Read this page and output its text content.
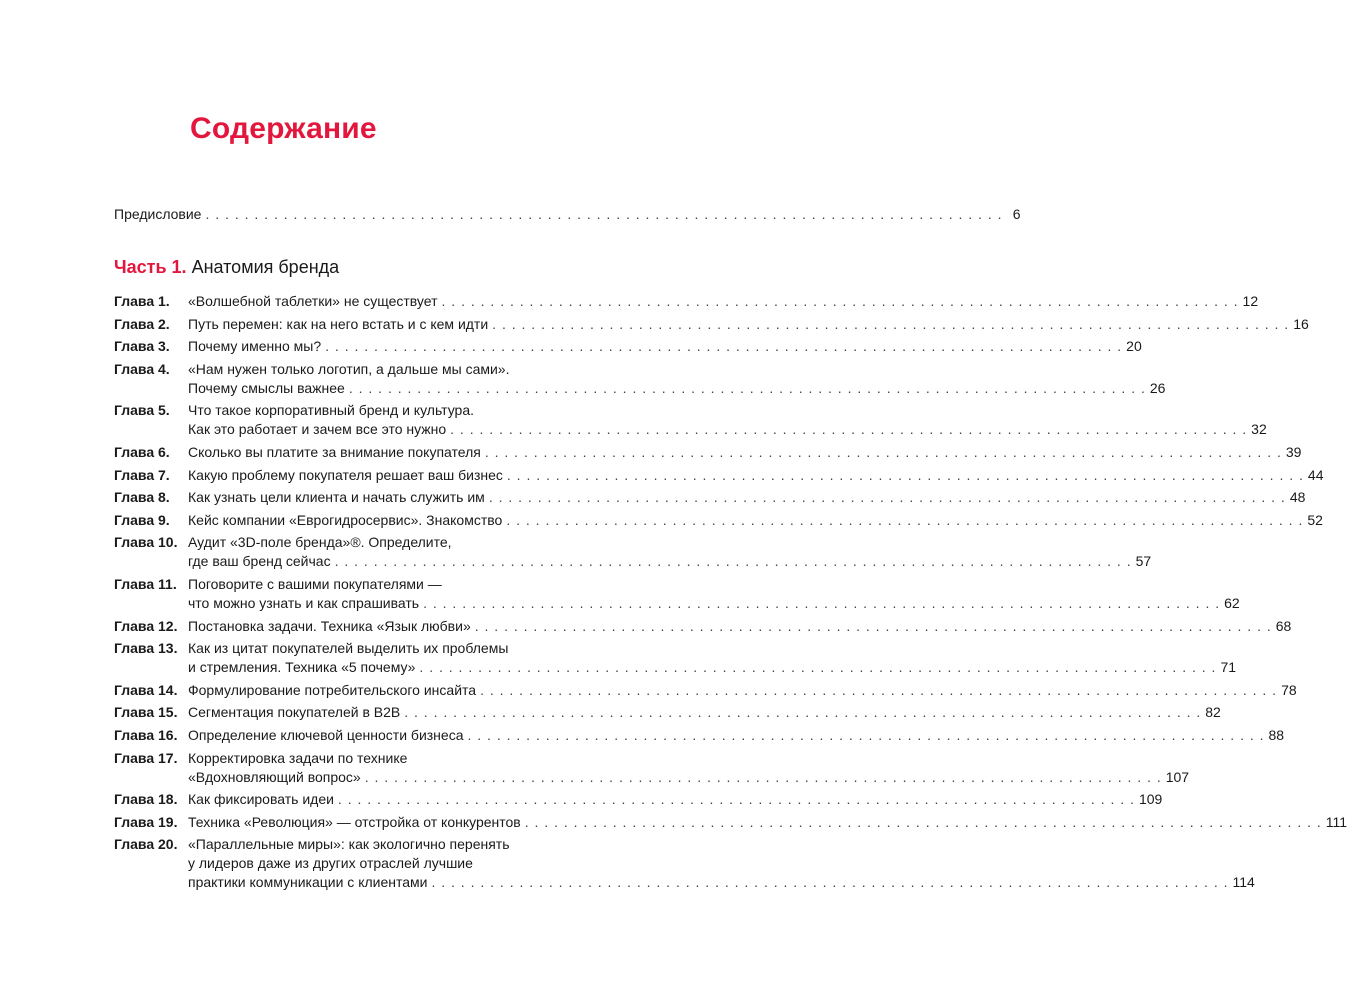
Содержание
Предисловие . . .	6
Часть 1. Анатомия бренда
Глава 1.	«Волшебной таблетки» не существует . . .	12
Глава 2.	Путь перемен: как на него встать и с кем идти . . .	16
Глава 3.	Почему именно мы? . . .	20
Глава 4.	«Нам нужен только логотип, а дальше мы сами».
Почему смыслы важнее . . .	26
Глава 5.	Что такое корпоративный бренд и культура.
Как это работает и зачем все это нужно . . .	32
Глава 6.	Сколько вы платите за внимание покупателя . . .	39
Глава 7.	Какую проблему покупателя решает ваш бизнес . . .	44
Глава 8.	Как узнать цели клиента и начать служить им . . .	48
Глава 9.	Кейс компании «Еврогидросервис». Знакомство . . .	52
Глава 10. Аудит «3D-поле бренда»®. Определите,
где ваш бренд сейчас . . .	57
Глава 11. Поговорите с вашими покупателями —
что можно узнать и как спрашивать . . .	62
Глава 12. Постановка задачи. Техника «Язык любви» . . .	68
Глава 13. Как из цитат покупателей выделить их проблемы
и стремления. Техника «5 почему» . . .	71
Глава 14. Формулирование потребительского инсайта . . .	78
Глава 15. Сегментация покупателей в B2B . . .	82
Глава 16. Определение ключевой ценности бизнеса . . .	88
Глава 17. Корректировка задачи по технике
«Вдохновляющий вопрос» . . .	107
Глава 18. Как фиксировать идеи . . .	109
Глава 19. Техника «Революция» — отстройка от конкурентов . . .	111
Глава 20. «Параллельные миры»: как экологично перенять
у лидеров даже из других отраслей лучшие
практики коммуникации с клиентами . . .	114
